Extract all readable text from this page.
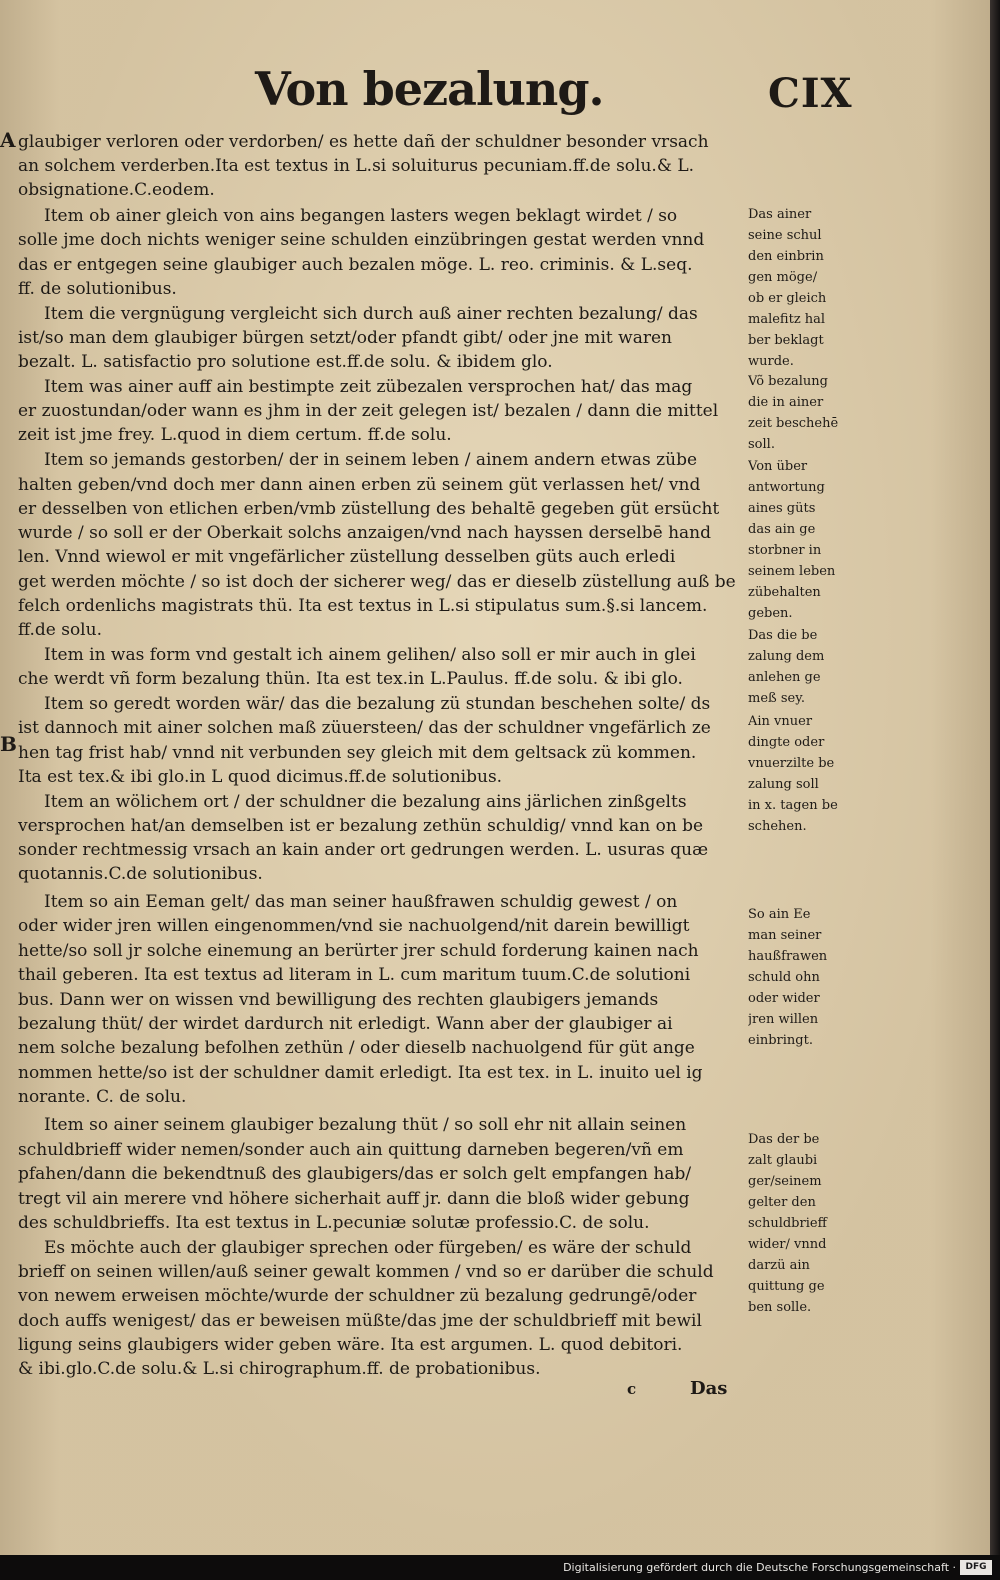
Von bezalung.	CIX
A
B
glaubiger verloren oder verdorben/ es hette dañ der schuldner besonder vrsach
an solchem verderben.Ita est textus in L.si soluiturus pecuniam.ff.de solu.& L.
obsignatione.C.eodem.
Item ob ainer gleich von ains begangen lasters wegen beklagt wirdet / so
solle jme doch nichts weniger seine schulden einzübringen gestat werden vnnd
das er entgegen seine glaubiger auch bezalen möge. L. reo. criminis. & L.seq.
ff. de solutionibus.
Item die vergnügung vergleicht sich durch auß ainer rechten bezalung/ das
ist/so man dem glaubiger bürgen setzt/oder pfandt gibt/ oder jne mit waren
bezalt. L. satisfactio pro solutione est.ff.de solu. & ibidem glo.
Item was ainer auff ain bestimpte zeit zübezalen versprochen hat/ das mag
er zuostundan/oder wann es jhm in der zeit gelegen ist/ bezalen / dann die mittel
zeit ist jme frey. L.quod in diem certum. ff.de solu.
Item so jemands gestorben/ der in seinem leben / ainem andern etwas zübe
halten geben/vnd doch mer dann ainen erben zü seinem güt verlassen het/ vnd
er desselben von etlichen erben/vmb züstellung des behaltē gegeben güt ersücht
wurde / so soll er der Oberkait solchs anzaigen/vnd nach hayssen derselbē hand
len. Vnnd wiewol er mit vngefärlicher züstellung desselben güts auch erledi
get werden möchte / so ist doch der sicherer weg/ das er dieselb züstellung auß be
felch ordenlichs magistrats thü. Ita est textus in L.si stipulatus sum.§.si lancem.
ff.de solu.
Item in was form vnd gestalt ich ainem gelihen/ also soll er mir auch in glei
che werdt vñ form bezalung thün. Ita est tex.in L.Paulus. ff.de solu. & ibi glo.
Item so geredt worden wär/ das die bezalung zü stundan beschehen solte/ ds
ist dannoch mit ainer solchen maß züuersteen/ das der schuldner vngefärlich ze
hen tag frist hab/ vnnd nit verbunden sey gleich mit dem geltsack zü kommen.
Ita est tex.& ibi glo.in L quod dicimus.ff.de solutionibus.
Item an wölichem ort / der schuldner die bezalung ains järlichen zinßgelts
versprochen hat/an demselben ist er bezalung zethün schuldig/ vnnd kan on be
sonder rechtmessig vrsach an kain ander ort gedrungen werden. L. usuras quæ
quotannis.C.de solutionibus.
Item so ain Eeman gelt/ das man seiner haußfrawen schuldig gewest / on
oder wider jren willen eingenommen/vnd sie nachuolgend/nit darein bewilligt
hette/so soll jr solche einemung an berürter jrer schuld forderung kainen nach
thail geberen. Ita est textus ad literam in L. cum maritum tuum.C.de solutioni
bus. Dann wer on wissen vnd bewilligung des rechten glaubigers jemands
bezalung thüt/ der wirdet dardurch nit erledigt. Wann aber der glaubiger ai
nem solche bezalung befolhen zethün / oder dieselb nachuolgend für güt ange
nommen hette/so ist der schuldner damit erledigt. Ita est tex. in L. inuito uel ig
norante. C. de solu.
Item so ainer seinem glaubiger bezalung thüt / so soll ehr nit allain seinen
schuldbrieff wider nemen/sonder auch ain quittung darneben begeren/vñ em
pfahen/dann die bekendtnuß des glaubigers/das er solch gelt empfangen hab/
tregt vil ain merere vnd höhere sicherhait auff jr. dann die bloß wider gebung
des schuldbrieffs. Ita est textus in L.pecuniæ solutæ professio.C. de solu.
Es möchte auch der glaubiger sprechen oder fürgeben/ es wäre der schuld
brieff on seinen willen/auß seiner gewalt kommen / vnd so er darüber die schuld
von newem erweisen möchte/wurde der schuldner zü bezalung gedrungē/oder
doch auffs wenigest/ das er beweisen müßte/das jme der schuldbrieff mit bewil
ligung seins glaubigers wider geben wäre. Ita est argumen. L. quod debitori.
& ibi.glo.C.de solu.& L.si chirographum.ff. de probationibus.
Das ainer
seine schul
den einbrin
gen möge/
ob er gleich
malefitz hal
ber beklagt
wurde.
Võ bezalung
die in ainer
zeit beschehē
soll.
Von über
antwortung
aines güts
das ain ge
storbner in
seinem leben
zübehalten
geben.
Das die be
zalung dem
anlehen ge
meß sey.
Ain vnuer
dingte oder
vnuerzilte be
zalung soll
in x. tagen be
schehen.
So ain Ee
man seiner
haußfrawen
schuld ohn
oder wider
jren willen
einbringt.
Das der be
zalt glaubi
ger/seinem
gelter den
schuldbrieff
wider/ vnnd
darzü ain
quittung ge
ben solle.
c	Das
Digitalisierung gefördert durch die Deutsche Forschungsgemeinschaft ·	DFG
